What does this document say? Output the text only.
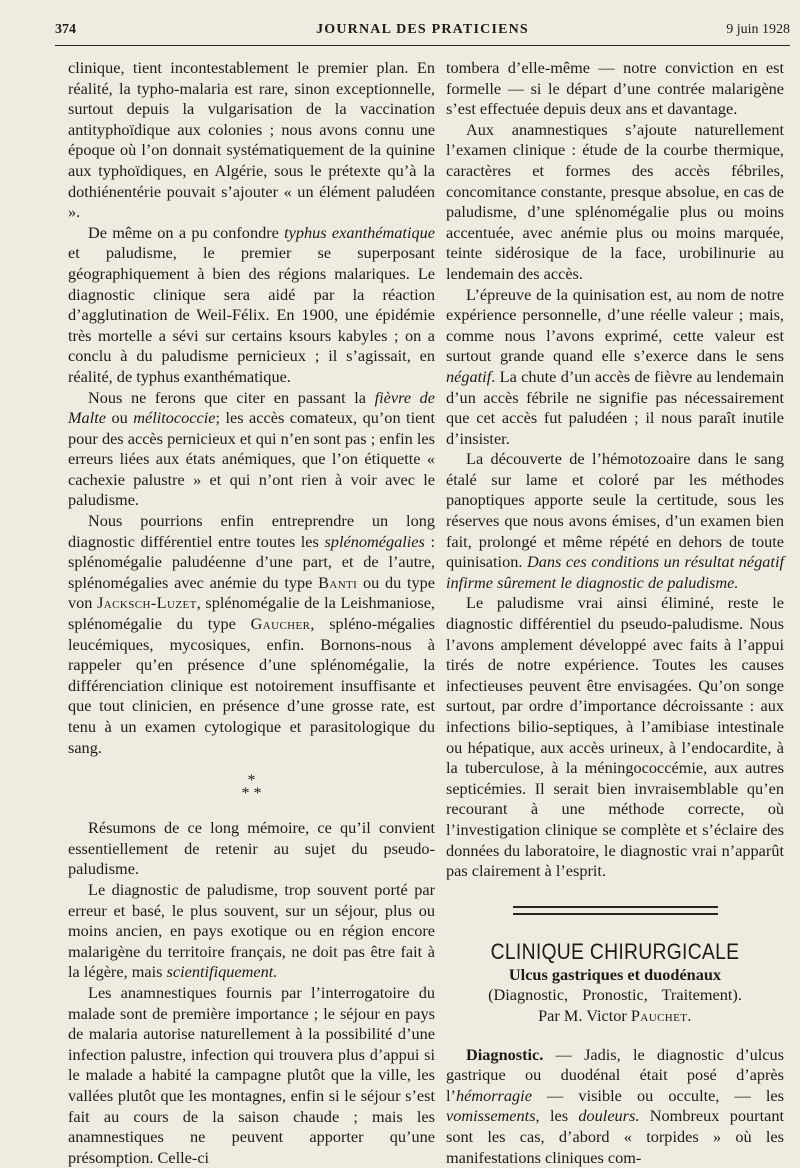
374	JOURNAL DES PRATICIENS	9 juin 1928

clinique, tient incontestablement le premier plan. En réalité, la typho-malaria est rare, sinon exceptionnelle, surtout depuis la vulgarisation de la vaccination antityphoïdique aux colonies ; nous avons connu une époque où l’on donnait systématiquement de la quinine aux typhoïdiques, en Algérie, sous le prétexte qu’à la dothiénentérie pouvait s’ajouter « un élément paludéen ».

De même on a pu confondre typhus exanthématique et paludisme, le premier se superposant géographiquement à bien des régions malariques. Le diagnostic clinique sera aidé par la réaction d’agglutination de Weil-Félix. En 1900, une épidémie très mortelle a sévi sur certains ksours kabyles ; on a conclu à du paludisme pernicieux ; il s’agissait, en réalité, de typhus exanthématique.

Nous ne ferons que citer en passant la fièvre de Malte ou mélitococcie; les accès comateux, qu’on tient pour des accès pernicieux et qui n’en sont pas ; enfin les erreurs liées aux états anémiques, que l’on étiquette « cachexie palustre » et qui n’ont rien à voir avec le paludisme.

Nous pourrions enfin entreprendre un long diagnostic différentiel entre toutes les splénomégalies : splénomégalie paludéenne d’une part, et de l’autre, splénomégalies avec anémie du type Banti ou du type von Jacksch-Luzet, splénomégalie de la Leishmaniose, splénomégalie du type Gaucher, spléno-mégalies leucémiques, mycosiques, enfin. Bornons-nous à rappeler qu’en présence d’une splénomégalie, la différenciation clinique est notoirement insuffisante et que tout clinicien, en présence d’une grosse rate, est tenu à un examen cytologique et parasitologique du sang.

*
* *

Résumons de ce long mémoire, ce qu’il convient essentiellement de retenir au sujet du pseudo-paludisme.

Le diagnostic de paludisme, trop souvent porté par erreur et basé, le plus souvent, sur un séjour, plus ou moins ancien, en pays exotique ou en région encore malarigène du territoire français, ne doit pas être fait à la légère, mais scientifiquement.

Les anamnestiques fournis par l’interrogatoire du malade sont de première importance ; le séjour en pays de malaria autorise naturellement à la possibilité d’une infection palustre, infection qui trouvera plus d’appui si le malade a habité la campagne plutôt que la ville, les vallées plutôt que les montagnes, enfin si le séjour s’est fait au cours de la saison chaude ; mais les anamnestiques ne peuvent apporter qu’une présomption. Celle-ci

tombera d’elle-même — notre conviction en est formelle — si le départ d’une contrée malarigène s’est effectuée depuis deux ans et davantage.

Aux anamnestiques s’ajoute naturellement l’examen clinique : étude de la courbe thermique, caractères et formes des accès fébriles, concomitance constante, presque absolue, en cas de paludisme, d’une splénomégalie plus ou moins accentuée, avec anémie plus ou moins marquée, teinte sidérosique de la face, urobilinurie au lendemain des accès.

L’épreuve de la quinisation est, au nom de notre expérience personnelle, d’une réelle valeur ; mais, comme nous l’avons exprimé, cette valeur est surtout grande quand elle s’exerce dans le sens négatif. La chute d’un accès de fièvre au lendemain d’un accès fébrile ne signifie pas nécessairement que cet accès fut paludéen ; il nous paraît inutile d’insister.

La découverte de l’hémotozoaire dans le sang étalé sur lame et coloré par les méthodes panoptiques apporte seule la certitude, sous les réserves que nous avons émises, d’un examen bien fait, prolongé et même répété en dehors de toute quinisation. Dans ces conditions un résultat négatif infirme sûrement le diagnostic de paludisme.

Le paludisme vrai ainsi éliminé, reste le diagnostic différentiel du pseudo-paludisme. Nous l’avons amplement développé avec faits à l’appui tirés de notre expérience. Toutes les causes infectieuses peuvent être envisagées. Qu’on songe surtout, par ordre d’importance décroissante : aux infections bilio-septiques, à l’amibiase intestinale ou hépatique, aux accès urineux, à l’endocardite, à la tuberculose, à la méningococcémie, aux autres septicémies. Il serait bien invraisemblable qu’en recourant à une méthode correcte, où l’investigation clinique se complète et s’éclaire des données du laboratoire, le diagnostic vrai n’apparût pas clairement à l’esprit.

CLINIQUE CHIRURGICALE

Ulcus gastriques et duodénaux

(Diagnostic, Pronostic, Traitement).

Par M. Victor Pauchet.

Diagnostic. — Jadis, le diagnostic d’ulcus gastrique ou duodénal était posé d’après l’hémorragie — visible ou occulte, — les vomissements, les douleurs. Nombreux pourtant sont les cas, d’abord « torpides » où les manifestations cliniques com-
